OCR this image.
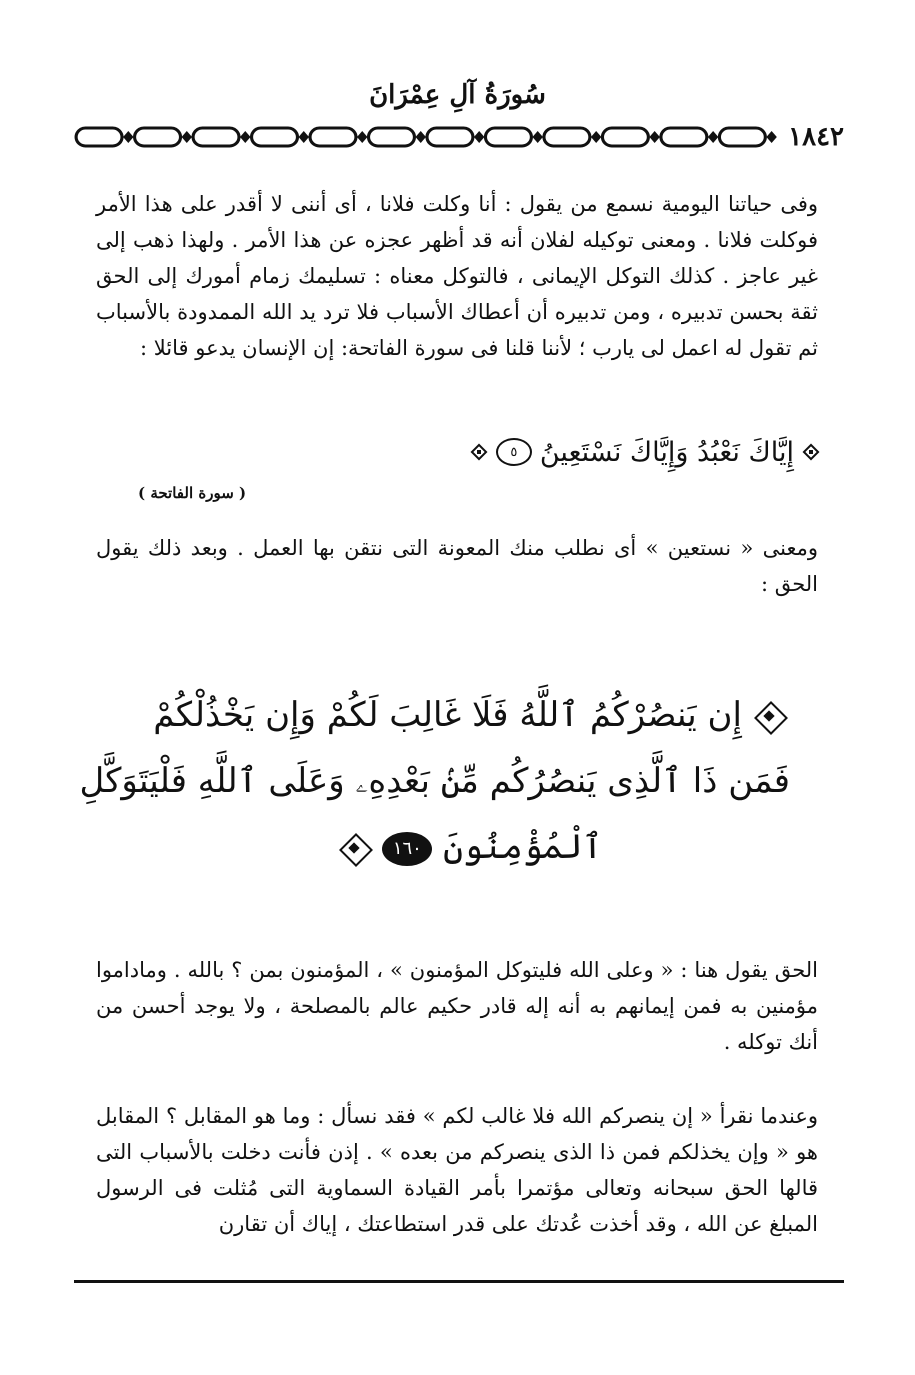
سُورَةُ آلِ عِمْرَانَ
١٨٤٢

وفى حياتنا اليومية نسمع من يقول : أنا وكلت فلانا ، أى أننى لا أقدر على هذا الأمر فوكلت فلانا . ومعنى توكيله لفلان أنه قد أظهر عجزه عن هذا الأمر . ولهذا ذهب إلى غير عاجز . كذلك التوكل الإيمانى ، فالتوكل معناه : تسليمك زمام أمورك إلى الحق ثقة بحسن تدبيره ، ومن تدبيره أن أعطاك الأسباب فلا ترد يد الله الممدودة بالأسباب ثم تقول له اعمل لى يارب ؛ لأننا قلنا فى سورة الفاتحة: إن الإنسان يدعو قائلا :

إِيَّاكَ نَعْبُدُ وَإِيَّاكَ نَسْتَعِينُ
٥
( سورة الفاتحة )

ومعنى « نستعين » أى نطلب منك المعونة التى نتقن بها العمل . وبعد ذلك يقول الحق :

إِن يَنصُرْكُمُ ٱللَّهُ فَلَا غَالِبَ لَكُمْ وَإِن يَخْذُلْكُمْ
فَمَن ذَا ٱلَّذِى يَنصُرُكُم مِّنۢ بَعْدِهِۦ وَعَلَى ٱللَّهِ فَلْيَتَوَكَّلِ
ٱلْمُؤْمِنُونَ ١٦٠

الحق يقول هنا : « وعلى الله فليتوكل المؤمنون » ، المؤمنون بمن ؟ بالله . وماداموا مؤمنين به فمن إيمانهم به أنه إله قادر حكيم عالم بالمصلحة ، ولا يوجد أحسن من أنك توكله .

وعندما نقرأ « إن ينصركم الله فلا غالب لكم » فقد نسأل : وما هو المقابل ؟ المقابل هو « وإن يخذلكم فمن ذا الذى ينصركم من بعده » . إذن فأنت دخلت بالأسباب التى قالها الحق سبحانه وتعالى مؤتمرا بأمر القيادة السماوية التى مُثلت فى الرسول المبلغ عن الله ، وقد أخذت عُدتك على قدر استطاعتك ، إياك أن تقارن
